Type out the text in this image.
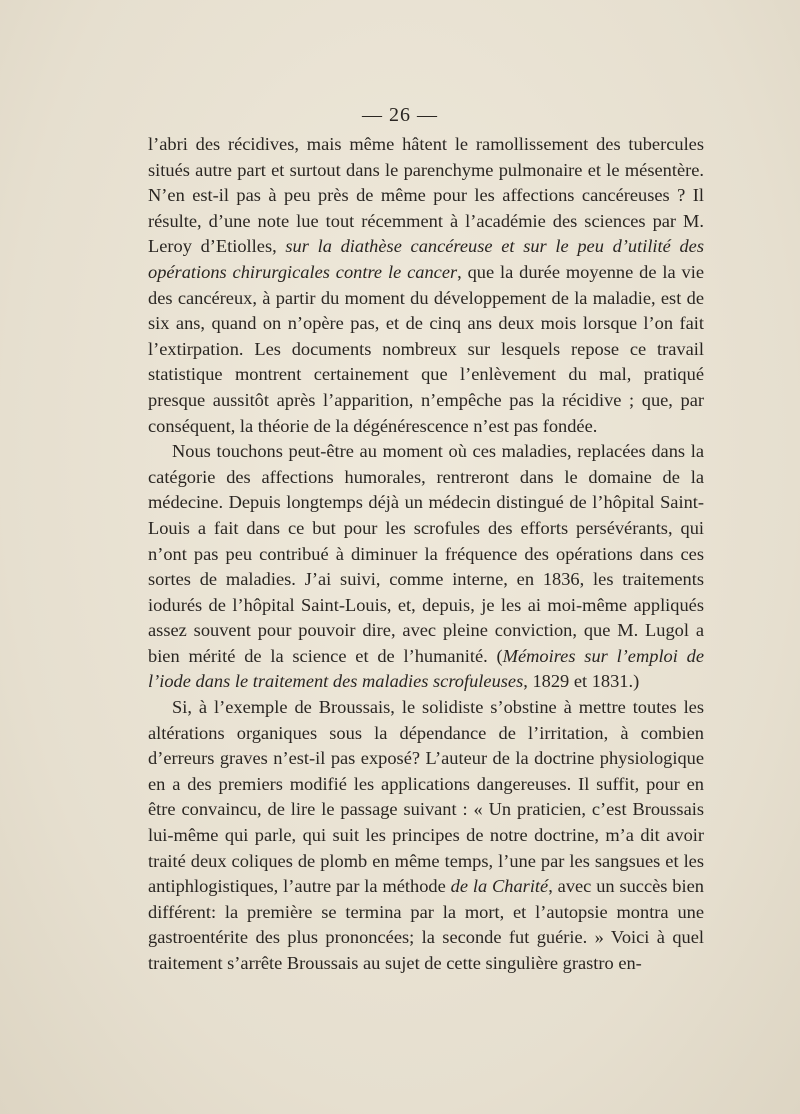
— 26 —

l’abri des récidives, mais même hâtent le ramollissement des tubercules situés autre part et surtout dans le parenchyme pulmonaire et le mésentère. N’en est-il pas à peu près de même pour les affections cancéreuses ? Il résulte, d’une note lue tout récemment à l’académie des sciences par M. Leroy d’Etiolles, sur la diathèse cancéreuse et sur le peu d’utilité des opérations chirurgicales contre le cancer, que la durée moyenne de la vie des cancéreux, à partir du moment du développement de la maladie, est de six ans, quand on n’opère pas, et de cinq ans deux mois lorsque l’on fait l’extirpation. Les documents nombreux sur lesquels repose ce travail statistique montrent certainement que l’enlèvement du mal, pratiqué presque aussitôt après l’apparition, n’empêche pas la récidive ; que, par conséquent, la théorie de la dégénérescence n’est pas fondée.

Nous touchons peut-être au moment où ces maladies, replacées dans la catégorie des affections humorales, rentreront dans le domaine de la médecine. Depuis longtemps déjà un médecin distingué de l’hôpital Saint-Louis a fait dans ce but pour les scrofules des efforts persévérants, qui n’ont pas peu contribué à diminuer la fréquence des opérations dans ces sortes de maladies. J’ai suivi, comme interne, en 1836, les traitements iodurés de l’hôpital Saint-Louis, et, depuis, je les ai moi-même appliqués assez souvent pour pouvoir dire, avec pleine conviction, que M. Lugol a bien mérité de la science et de l’humanité. (Mémoires sur l’emploi de l’iode dans le traitement des maladies scrofuleuses, 1829 et 1831.)

Si, à l’exemple de Broussais, le solidiste s’obstine à mettre toutes les altérations organiques sous la dépendance de l’irritation, à combien d’erreurs graves n’est-il pas exposé? L’auteur de la doctrine physiologique en a des premiers modifié les applications dangereuses. Il suffit, pour en être convaincu, de lire le passage suivant : « Un praticien, c’est Broussais lui-même qui parle, qui suit les principes de notre doctrine, m’a dit avoir traité deux coliques de plomb en même temps, l’une par les sangsues et les antiphlogistiques, l’autre par la méthode de la Charité, avec un succès bien différent: la première se termina par la mort, et l’autopsie montra une gastroentérite des plus prononcées; la seconde fut guérie. » Voici à quel traitement s’arrête Broussais au sujet de cette singulière grastro en-
